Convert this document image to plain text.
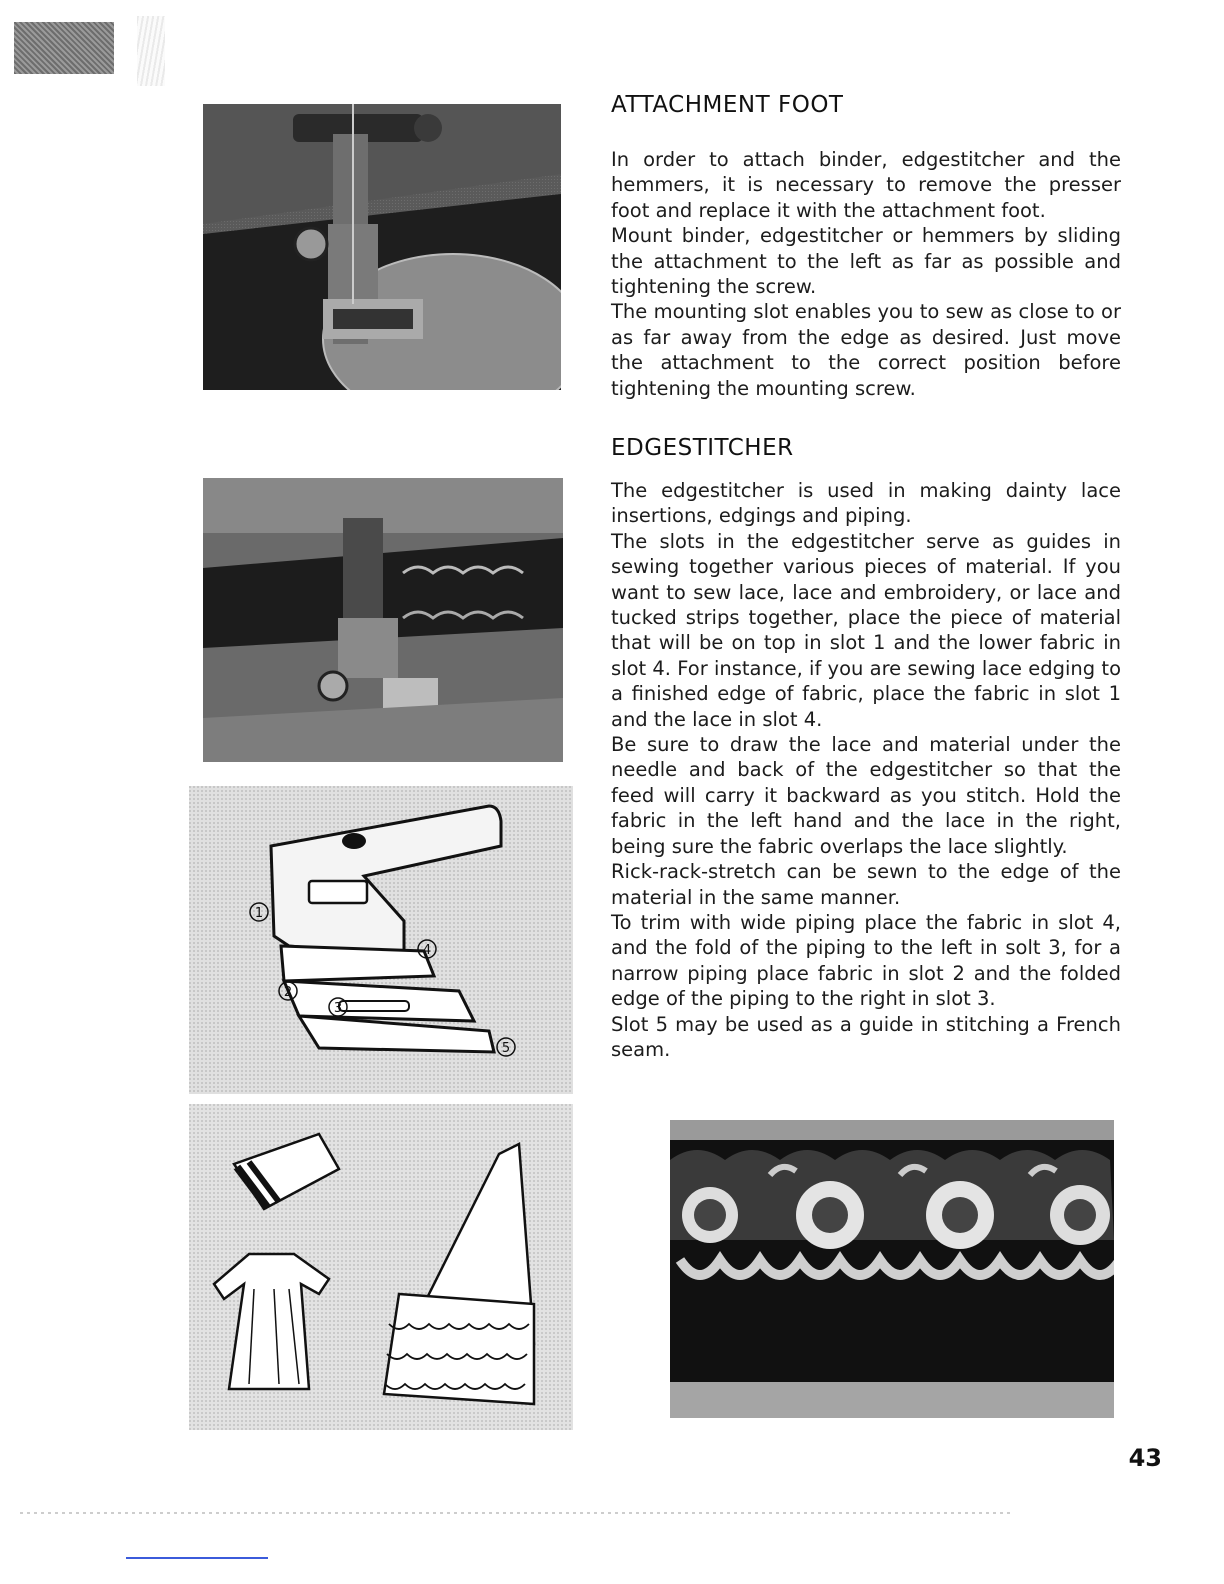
1
2
3
4
5
ATTACHMENT FOOT

In order to attach binder, edgestitcher and the hemmers, it is necessary to remove the presser foot and replace it with the attachment foot.

Mount binder, edgestitcher or hemmers by sliding the attachment to the left as far as possible and tightening the screw.

The mounting slot enables you to sew as close to or as far away from the edge as desired. Just move the attachment to the correct position before tightening the mounting screw.

EDGESTITCHER

The edgestitcher is used in making dainty lace insertions, edgings and piping.

The slots in the edgestitcher serve as guides in sewing together various pieces of material. If you want to sew lace, lace and embroidery, or lace and tucked strips together, place the piece of material that will be on top in slot 1 and the lower fabric in slot 4. For instance, if you are sewing lace edging to a finished edge of fabric, place the fabric in slot 1 and the lace in slot 4.

Be sure to draw the lace and material under the needle and back of the edgestitcher so that the feed will carry it backward as you stitch. Hold the fabric in the left hand and the lace in the right, being sure the fabric overlaps the lace slightly.

Rick-rack-stretch can be sewn to the edge of the material in the same manner.

To trim with wide piping place the fabric in slot 4, and the fold of the piping to the left in solt 3, for a narrow piping place fabric in slot 2 and the folded edge of the piping to the right in slot 3.

Slot 5 may be used as a guide in stitching a French seam.

43
